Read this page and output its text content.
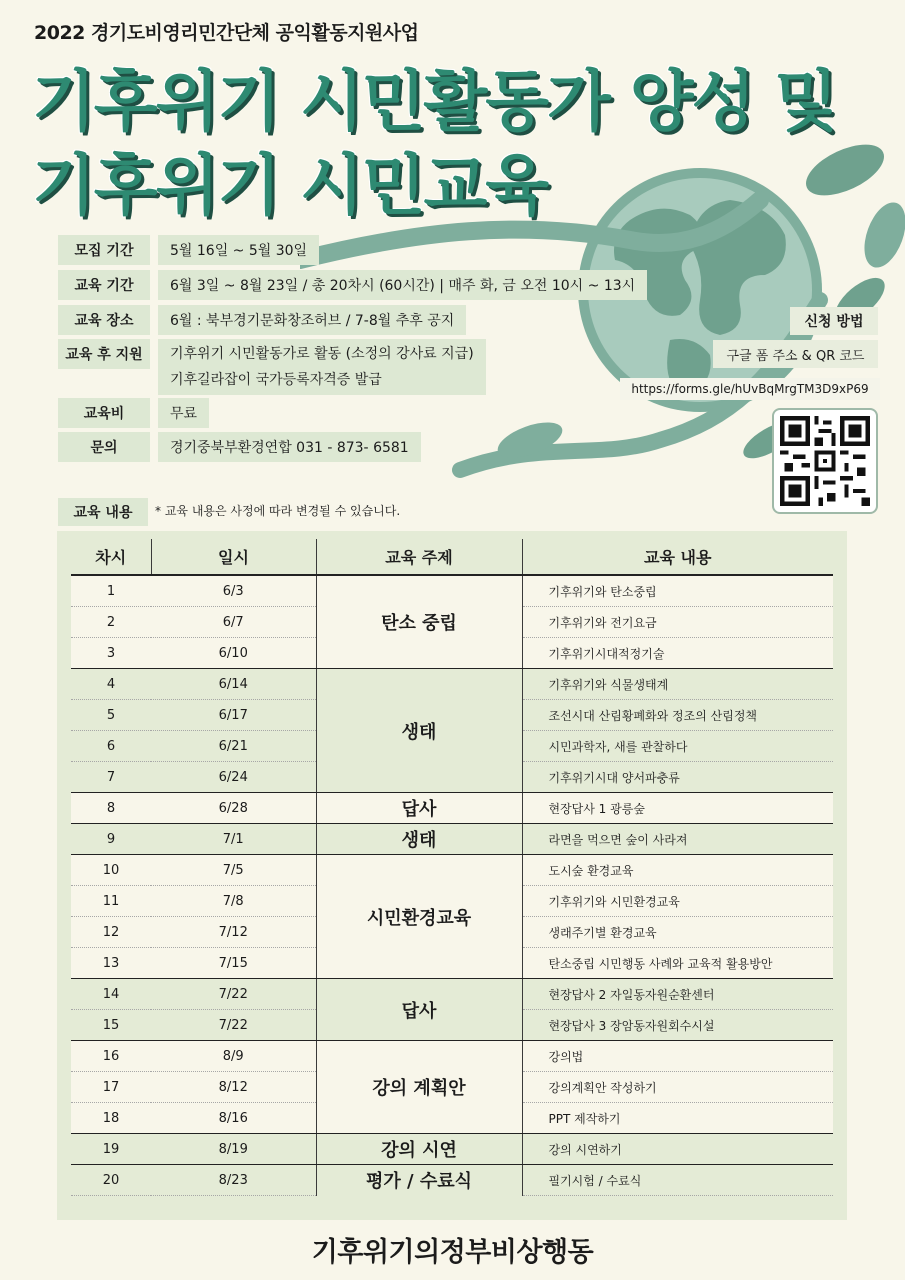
2022 경기도비영리민간단체 공익활동지원사업
기후위기 시민활동가 양성 및
기후위기 시민교육
모집 기간	5월 16일 ~ 5월 30일
교육 기간	6월 3일 ~ 8월 23일 / 총 20차시 (60시간) | 매주 화, 금 오전 10시 ~ 13시
교육 장소	6월 : 북부경기문화창조허브 / 7-8월 추후 공지
교육 후 지원	기후위기 시민활동가로 활동 (소정의 강사료 지급)
기후길라잡이 국가등록자격증 발급
교육비	무료
문의	경기중북부환경연합 031 - 873- 6581
신청 방법
구글 폼 주소 & QR 코드
https://forms.gle/hUvBqMrgTM3D9xP69
교육 내용	* 교육 내용은 사정에 따라 변경될 수 있습니다.
차시	일시	교육 주제	교육 내용
1	6/3	탄소 중립	기후위기와 탄소중립
2	6/7		기후위기와 전기요금
3	6/10		기후위기시대적정기술
4	6/14	생태	기후위기와 식물생태계
5	6/17		조선시대 산림황폐화와 정조의 산림정책
6	6/21		시민과학자, 새를 관찰하다
7	6/24		기후위기시대 양서파충류
8	6/28	답사	현장답사 1 광릉숲
9	7/1	생태	라면을 먹으면 숲이 사라져
10	7/5	시민환경교육	도시숲 환경교육
11	7/8		기후위기와 시민환경교육
12	7/12		생래주기별 환경교육
13	7/15		탄소중립 시민행동 사례와 교육적 활용방안
14	7/22	답사	현장답사 2 자일동자원순환센터
15	7/22		현장답사 3 장암동자원회수시설
16	8/9	강의 계획안	강의법
17	8/12		강의계획안 작성하기
18	8/16		PPT 제작하기
19	8/19	강의 시연	강의 시연하기
20	8/23	평가 / 수료식	필기시험 / 수료식
기후위기의정부비상행동
